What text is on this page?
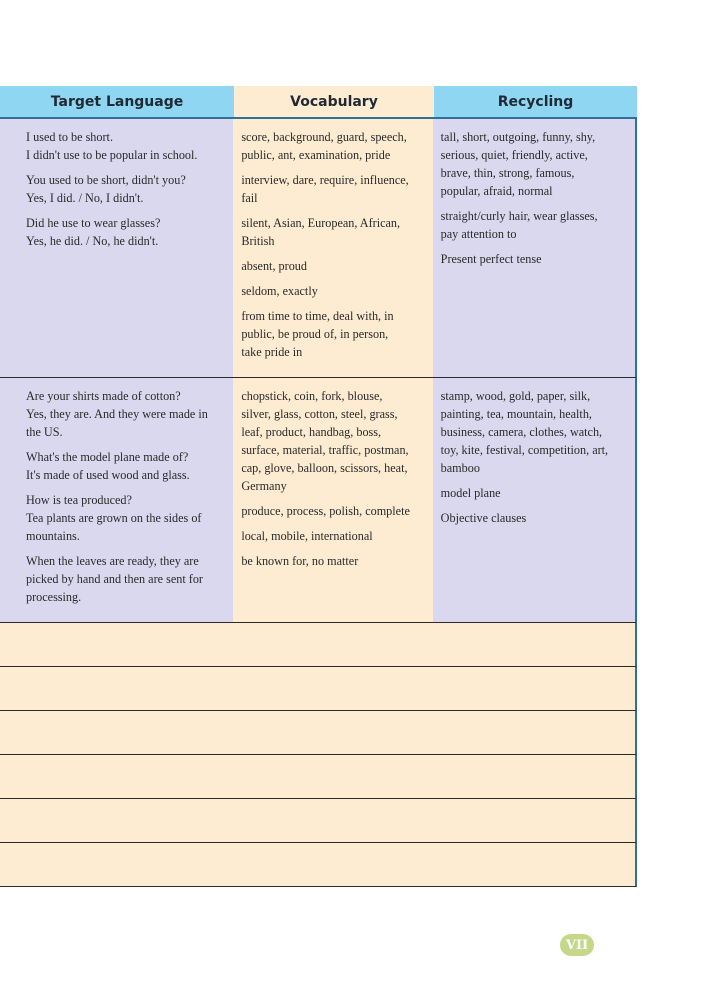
Target Language	Vocabulary	Recycling
I used to be short.
I didn't use to be popular in school.
You used to be short, didn't you?
Yes, I did. / No, I didn't.
Did he use to wear glasses?
Yes, he did. / No, he didn't.
score, background, guard, speech,
public, ant, examination, pride
interview, dare, require, influence,
fail
silent, Asian, European, African,
British
absent, proud
seldom, exactly
from time to time, deal with, in
public, be proud of, in person,
take pride in
tall, short, outgoing, funny, shy,
serious, quiet, friendly, active,
brave, thin, strong, famous,
popular, afraid, normal
straight/curly hair, wear glasses,
pay attention to
Present perfect tense
Are your shirts made of cotton?
Yes, they are. And they were made in
the US.
What's the model plane made of?
It's made of used wood and glass.
How is tea produced?
Tea plants are grown on the sides of
mountains.
When the leaves are ready, they are
picked by hand and then are sent for
processing.
chopstick, coin, fork, blouse,
silver, glass, cotton, steel, grass,
leaf, product, handbag, boss,
surface, material, traffic, postman,
cap, glove, balloon, scissors, heat,
Germany
produce, process, polish, complete
local, mobile, international
be known for, no matter
stamp, wood, gold, paper, silk,
painting, tea, mountain, health,
business, camera, clothes, watch,
toy, kite, festival, competition, art,
bamboo
model plane
Objective clauses
VII
